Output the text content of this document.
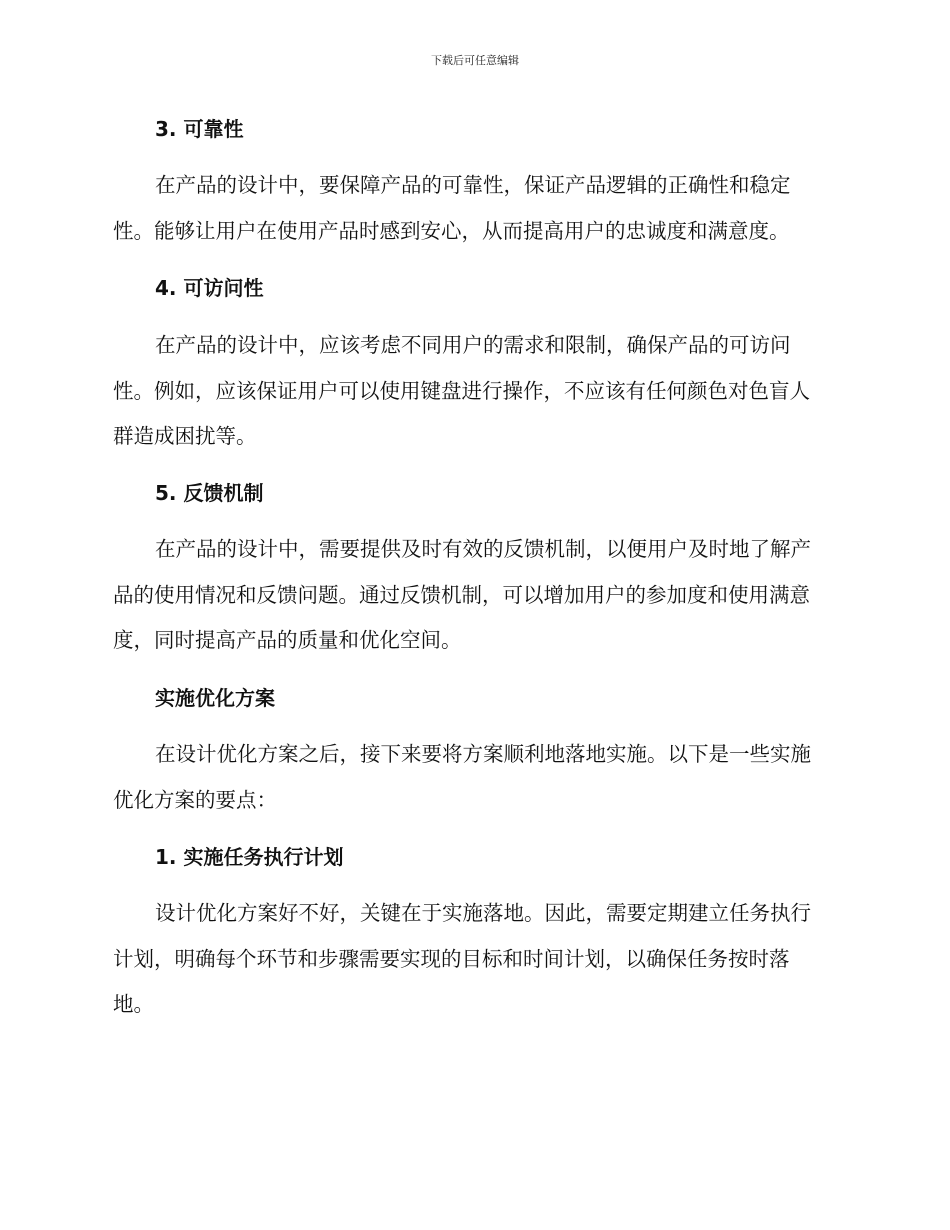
下载后可任意编辑
3. 可靠性
在产品的设计中，要保障产品的可靠性，保证产品逻辑的正确性和稳定性。能够让用户在使用产品时感到安心，从而提高用户的忠诚度和满意度。
4. 可访问性
在产品的设计中，应该考虑不同用户的需求和限制，确保产品的可访问性。例如，应该保证用户可以使用键盘进行操作，不应该有任何颜色对色盲人群造成困扰等。
5. 反馈机制
在产品的设计中，需要提供及时有效的反馈机制，以便用户及时地了解产品的使用情况和反馈问题。通过反馈机制，可以增加用户的参加度和使用满意度，同时提高产品的质量和优化空间。
实施优化方案
在设计优化方案之后，接下来要将方案顺利地落地实施。以下是一些实施优化方案的要点：
1. 实施任务执行计划
设计优化方案好不好，关键在于实施落地。因此，需要定期建立任务执行计划，明确每个环节和步骤需要实现的目标和时间计划，以确保任务按时落地。
